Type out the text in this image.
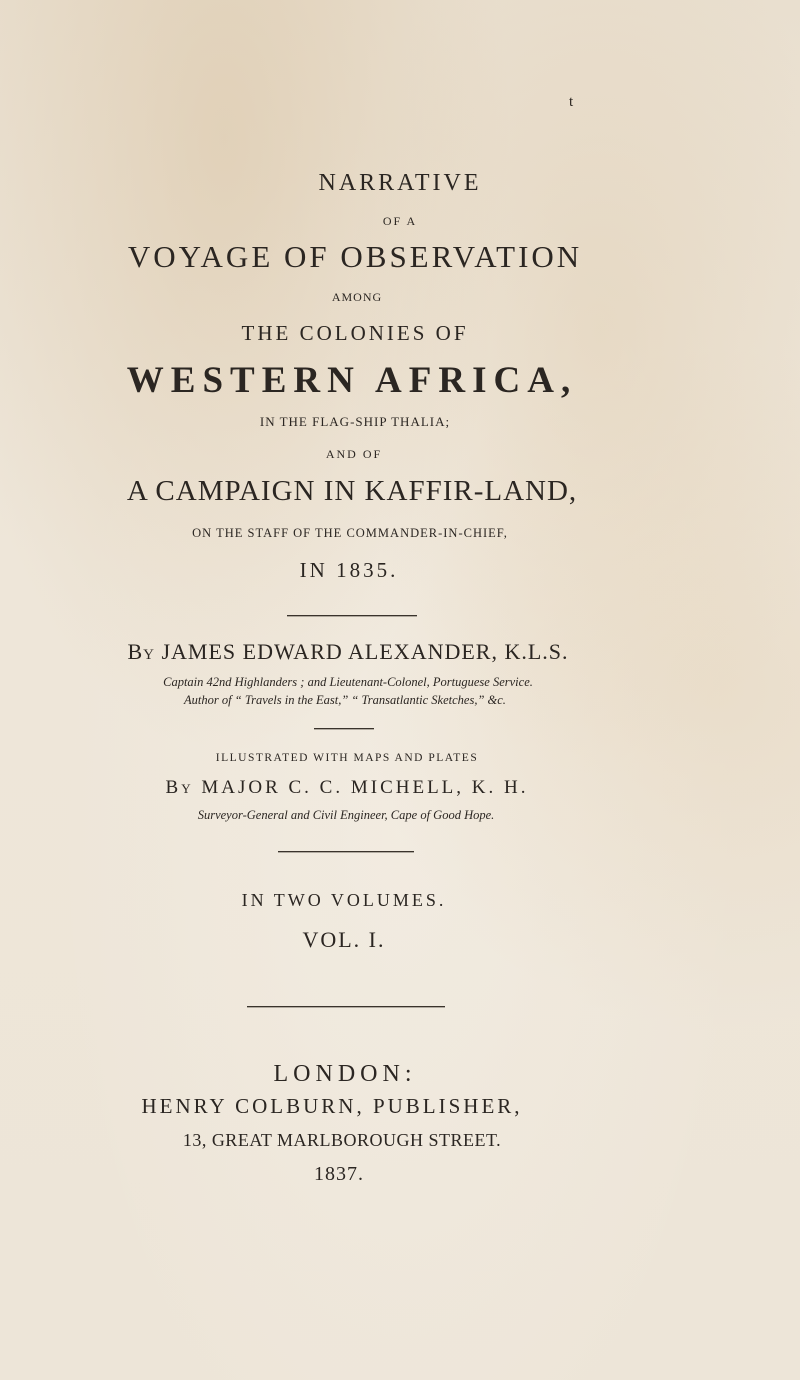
t
NARRATIVE
OF A
VOYAGE OF OBSERVATION
AMONG
THE COLONIES OF
WESTERN AFRICA,
IN THE FLAG-SHIP THALIA;
AND OF
A CAMPAIGN IN KAFFIR-LAND,
ON THE STAFF OF THE COMMANDER-IN-CHIEF,
IN 1835.
By JAMES EDWARD ALEXANDER, K.L.S.
Captain 42nd Highlanders ; and Lieutenant-Colonel, Portuguese Service.
Author of “ Travels in the East,” “ Transatlantic Sketches,” &c.
ILLUSTRATED WITH MAPS AND PLATES
By MAJOR C. C. MICHELL, K. H.
Surveyor-General and Civil Engineer, Cape of Good Hope.
IN TWO VOLUMES.
VOL. I.
LONDON:
HENRY COLBURN, PUBLISHER,
13, GREAT MARLBOROUGH STREET.
1837.
